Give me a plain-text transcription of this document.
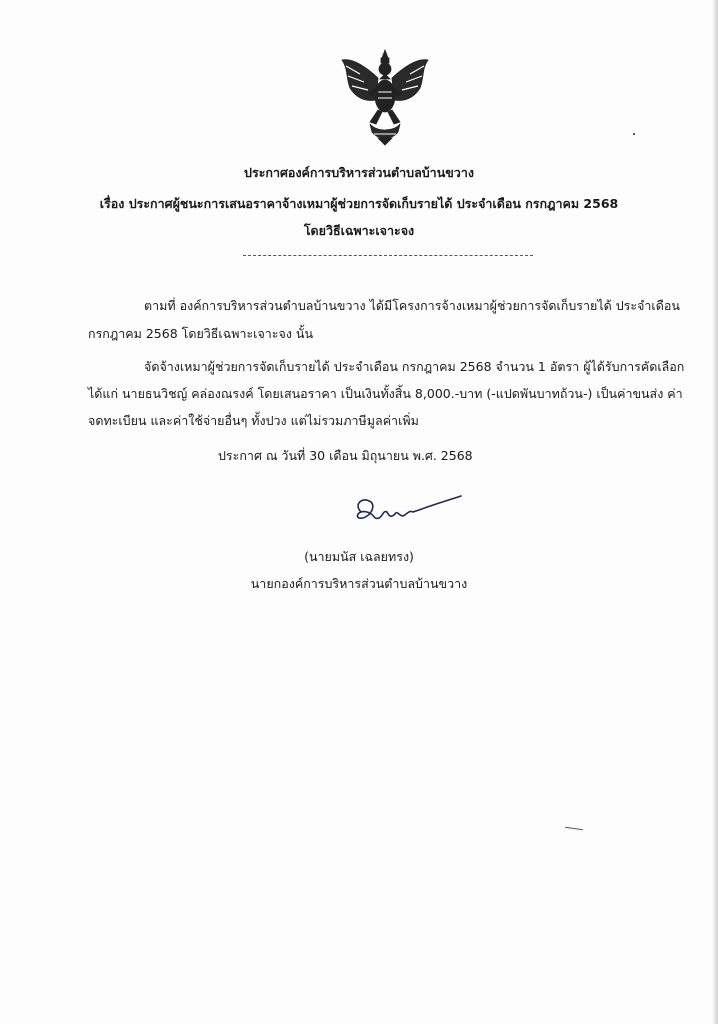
ประกาศองค์การบริหารส่วนตำบลบ้านขวาง
เรื่อง ประกาศผู้ชนะการเสนอราคาจ้างเหมาผู้ช่วยการจัดเก็บรายได้ ประจำเดือน กรกฎาคม 2568
โดยวิธีเฉพาะเจาะจง
ตามที่ องค์การบริหารส่วนตำบลบ้านขวาง ได้มีโครงการจ้างเหมาผู้ช่วยการจัดเก็บรายได้ ประจำเดือน
กรกฎาคม 2568 โดยวิธีเฉพาะเจาะจง นั้น
จัดจ้างเหมาผู้ช่วยการจัดเก็บรายได้ ประจำเดือน กรกฎาคม 2568 จำนวน 1 อัตรา ผู้ได้รับการคัดเลือก
ได้แก่ นายธนวิชญ์ คล่องณรงค์ โดยเสนอราคา เป็นเงินทั้งสิ้น 8,000.-บาท (-แปดพันบาทถ้วน-) เป็นค่าขนส่ง ค่า
จดทะเบียน และค่าใช้จ่ายอื่นๆ ทั้งปวง แต่ไม่รวมภาษีมูลค่าเพิ่ม
ประกาศ ณ วันที่ 30 เดือน มิถุนายน พ.ศ. 2568
(นายมนัส เฉลยทรง)
นายกองค์การบริหารส่วนตำบลบ้านขวาง
